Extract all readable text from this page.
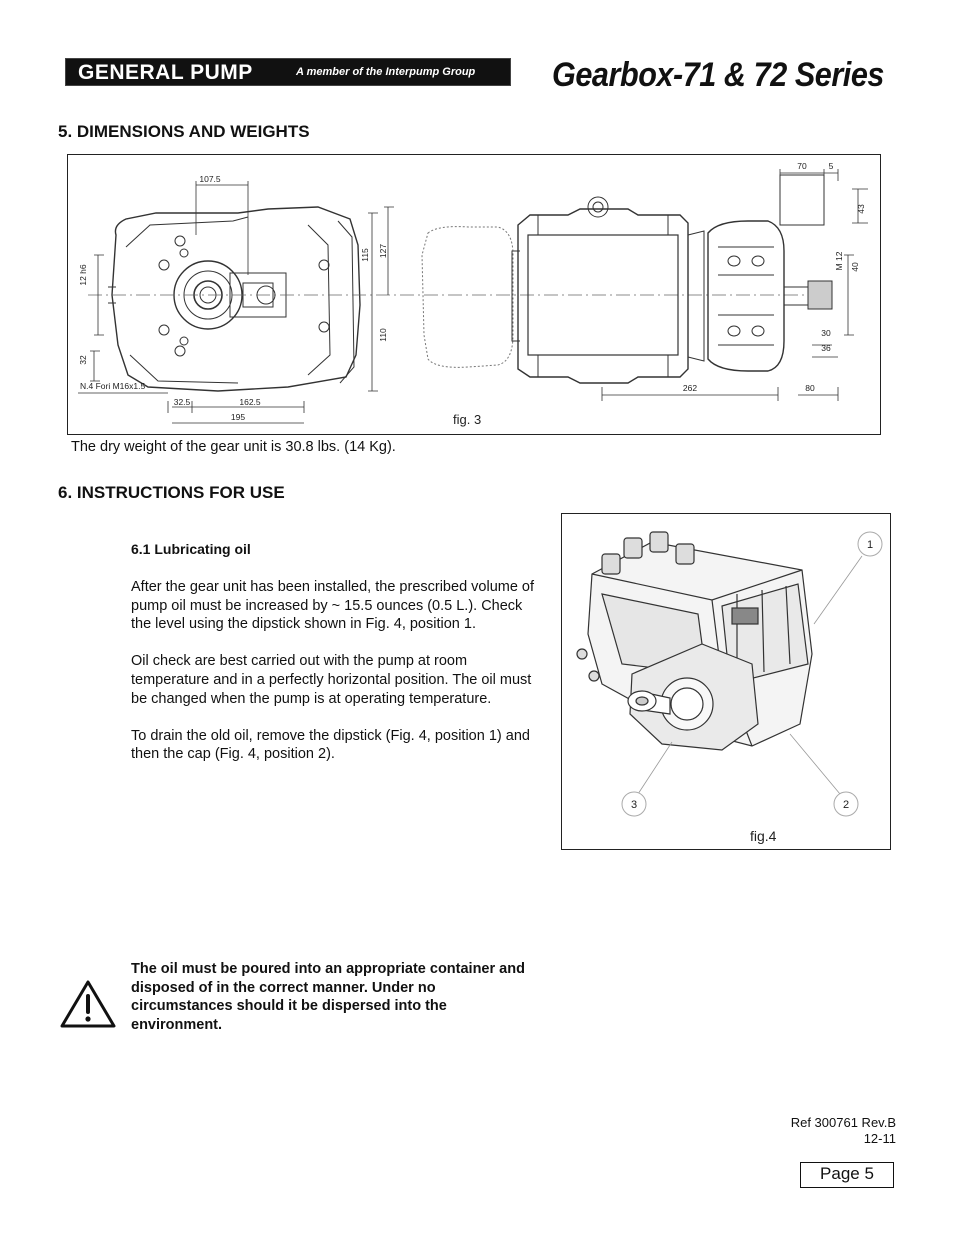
GENERAL PUMP	A member of the Interpump Group Gearbox-71 & 72 Series
5. DIMENSIONS AND WEIGHTS
107.5
70	5
43
12 h6
115 127
110
M 12 40
32
N.4 Fori M16x1.5
32.5	162.5
195
262
30
36
80
fig. 3
The dry weight of the gear unit is 30.8 lbs. (14 Kg).
6. INSTRUCTIONS FOR USE
6.1 Lubricating oil

After the gear unit has been installed, the prescribed volume of pump oil must be increased by ~ 15.5 ounces (0.5 L.). Check the level using the dipstick shown in Fig. 4, position 1.

Oil check are best carried out with the pump at room temperature and in a perfectly horizontal position. The oil must be changed when the pump is at operating temperature.

To drain the old oil, remove the dipstick (Fig. 4, position 1) and then the cap (Fig. 4, position 2).

1
2
3
fig.4
The oil must be poured into an appropriate container and disposed of in the correct manner. Under no circumstances should it be dispersed into the environment.
Ref 300761 Rev.B
12-11
Page 5
